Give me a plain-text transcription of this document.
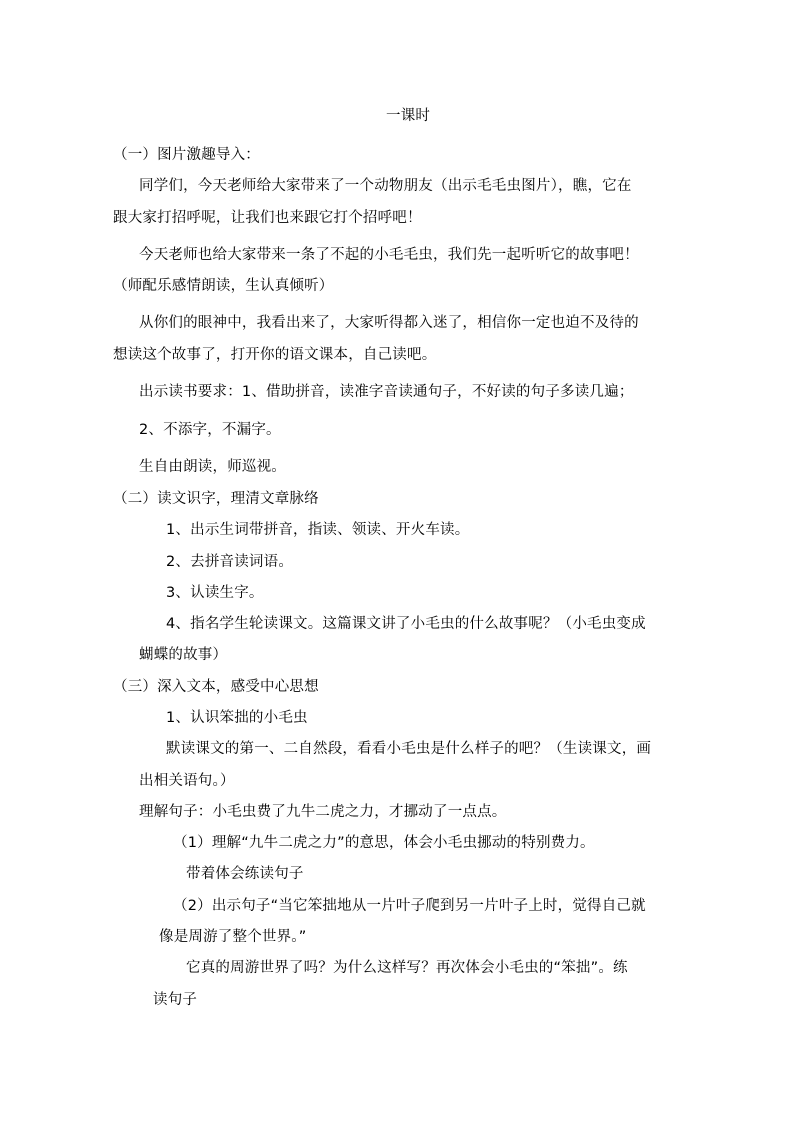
一课时
（一）图片激趣导入：
同学们，今天老师给大家带来了一个动物朋友（出示毛毛虫图片），瞧，它在
跟大家打招呼呢，让我们也来跟它打个招呼吧！
今天老师也给大家带来一条了不起的小毛毛虫，我们先一起听听它的故事吧！
（师配乐感情朗读，生认真倾听）
从你们的眼神中，我看出来了，大家听得都入迷了，相信你一定也迫不及待的
想读这个故事了，打开你的语文课本，自己读吧。
出示读书要求：1、借助拼音，读准字音读通句子，不好读的句子多读几遍；
2、不添字，不漏字。
生自由朗读，师巡视。
（二）读文识字，理清文章脉络
1、出示生词带拼音，指读、领读、开火车读。
2、去拼音读词语。
3、认读生字。
4、指名学生轮读课文。这篇课文讲了小毛虫的什么故事呢？（小毛虫变成
蝴蝶的故事）
（三）深入文本，感受中心思想
1、认识笨拙的小毛虫
默读课文的第一、二自然段，看看小毛虫是什么样子的吧？（生读课文，画
出相关语句。）
理解句子：小毛虫费了九牛二虎之力，才挪动了一点点。
（1）理解“九牛二虎之力”的意思，体会小毛虫挪动的特别费力。
带着体会练读句子
（2）出示句子“当它笨拙地从一片叶子爬到另一片叶子上时，觉得自己就
像是周游了整个世界。”
它真的周游世界了吗？为什么这样写？再次体会小毛虫的“笨拙”。练
读句子
